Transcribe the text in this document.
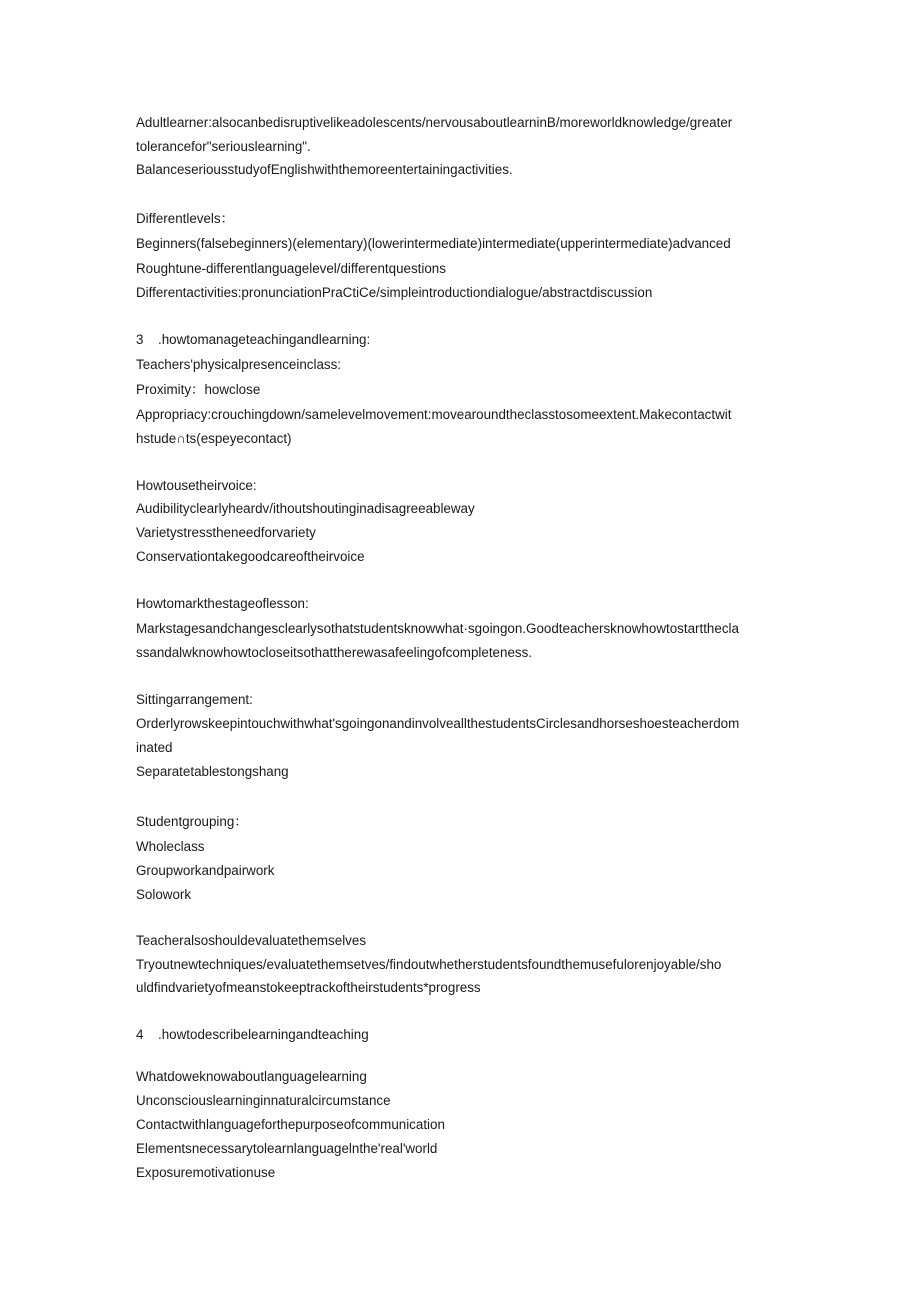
Adultlearner:alsocanbedisruptivelikeadolescents/nervousaboutlearninB/moreworldknowledge/greater
tolerancefor"seriouslearning".
BalanceseriousstudyofEnglishwiththemoreentertainingactivities.
Differentlevels：
Beginners(falsebeginners)(elementary)(lowerintermediate)intermediate(upperintermediate)advanced
Roughtune-differentlanguagelevel/differentquestions
Differentactivities:pronunciationPraCtiCe/simpleintroductiondialogue/abstractdiscussion
3 .howtomanageteachingandlearning:
Teachers'physicalpresenceinclass:
Proximity：howclose
Appropriacy:crouchingdown/samelevelmovement:movearoundtheclasstosomeextent.Makecontactwit
hstude∩ts(espeyecontact)
Howtousetheirvoice:
Audibilityclearlyheardv/ithoutshoutinginadisagreeableway
Varietystresstheneedforvariety
Conservationtakegoodcareoftheirvoice
Howtomarkthestageoflesson:
Markstagesandchangesclearlysothatstudentsknowwhat·sgoingon.Goodteachersknowhowtostartthecla
ssandalwknowhowtocloseitsothattherewasafeelingofcompleteness.
Sittingarrangement:
Orderlyrowskeepintouchwithwhat'sgoingonandinvolveallthestudentsCirclesandhorseshoesteacherdom
inated
Separatetablestongshang
Studentgrouping：
Wholeclass
Groupworkandpairwork
Solowork
Teacheralsoshouldevaluatethemselves
Tryoutnewtechniques/evaluatethemsetves/findoutwhetherstudentsfoundthemusefulorenjoyable/sho
uldfindvarietyofmeanstokeeptrackoftheirstudents*progress
4 .howtodescribelearningandteaching
Whatdoweknowaboutlanguagelearning
Unconsciouslearninginnaturalcircumstance
Contactwithlanguageforthepurposeofcommunication
Elementsnecessarytolearnlanguagelnthe'real'world
Exposuremotivationuse
